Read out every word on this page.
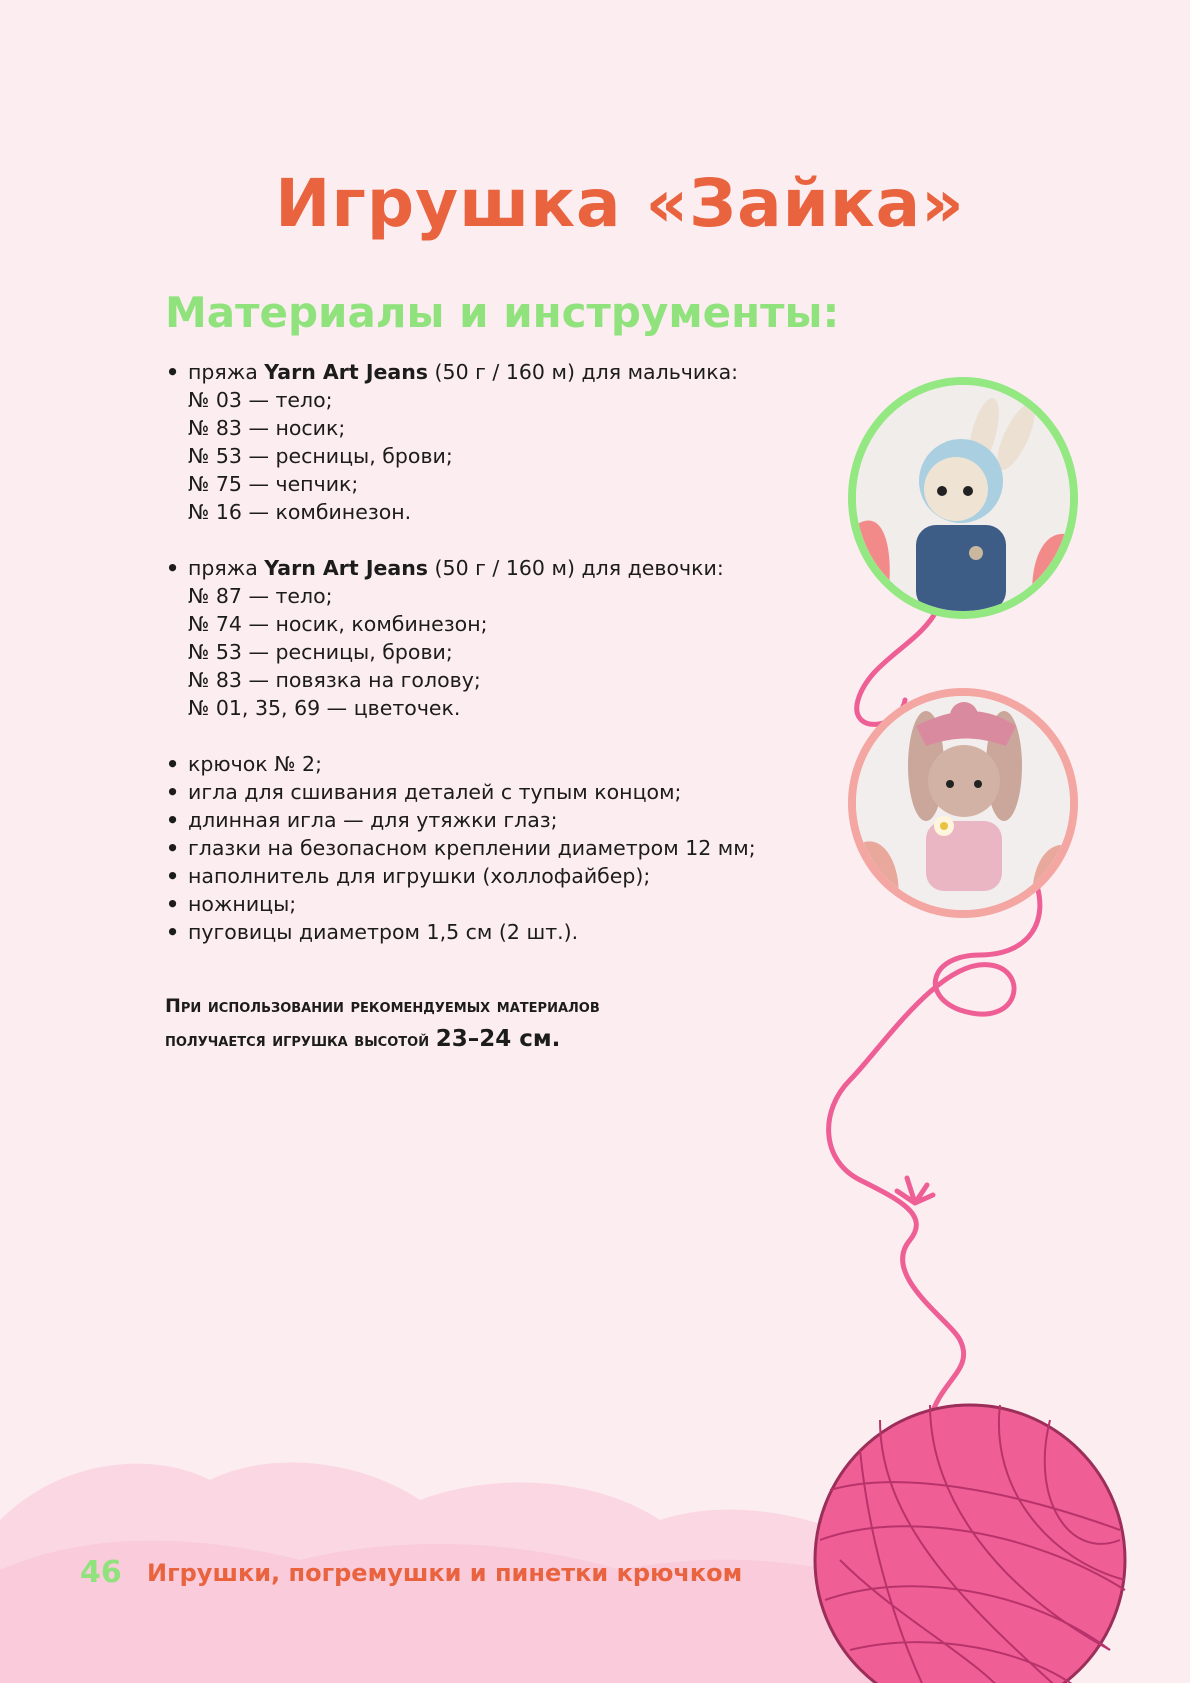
Игрушка «Зайка»
Материалы и инструменты:
• пряжа Yarn Art Jeans (50 г / 160 м) для мальчика:
№ 03 — тело;
№ 83 — носик;
№ 53 — ресницы, брови;
№ 75 — чепчик;
№ 16 — комбинезон.
• пряжа Yarn Art Jeans (50 г / 160 м) для девочки:
№ 87 — тело;
№ 74 — носик, комбинезон;
№ 53 — ресницы, брови;
№ 83 — повязка на голову;
№ 01, 35, 69 — цветочек.
• крючок № 2;
• игла для сшивания деталей с тупым концом;
• длинная игла — для утяжки глаз;
• глазки на безопасном креплении диаметром 12 мм;
• наполнитель для игрушки (холлофайбер);
• ножницы;
• пуговицы диаметром 1,5 см (2 шт.).

При использовании рекомендуемых материалов
получается игрушка высотой 23–24 см.

46 Игрушки, погремушки и пинетки крючком
